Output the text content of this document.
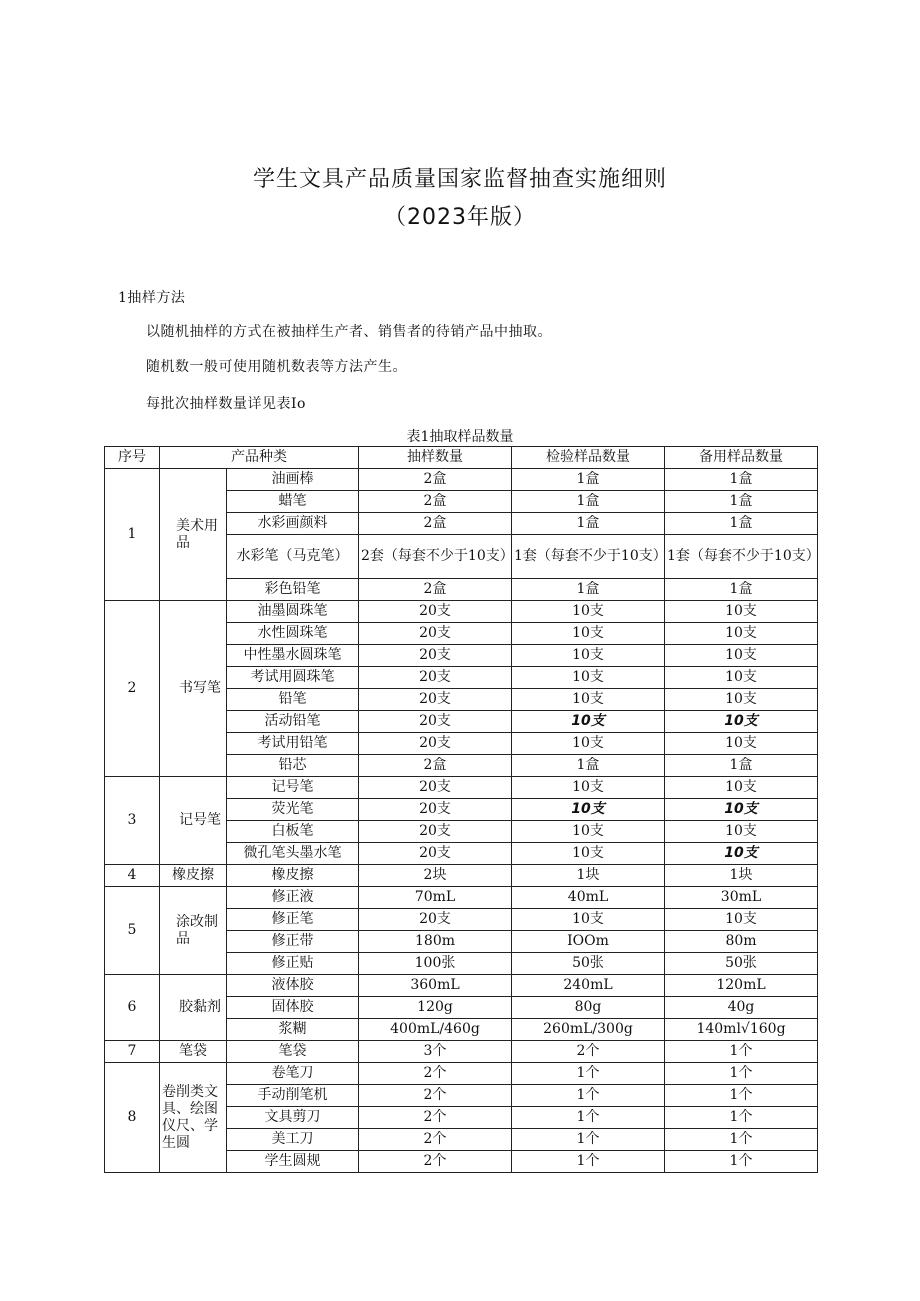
学生文具产品质量国家监督抽查实施细则
（2023年版）
1抽样方法
以随机抽样的方式在被抽样生产者、销售者的待销产品中抽取。
随机数一般可使用随机数表等方法产生。
每批次抽样数量详见表Io
表1抽取样品数量
序号	产品种类		抽样数量	检验样品数量	备用样品数量
1	美术用品	油画棒	2盒	1盒	1盒
		蜡笔	2盒	1盒	1盒
		水彩画颜料	2盒	1盒	1盒
		水彩笔（马克笔）	2套（每套不少于10支）	1套（每套不少于10支）	1套（每套不少于10支）
		彩色铅笔	2盒	1盒	1盒
2	书写笔	油墨圆珠笔	20支	10支	10支
		水性圆珠笔	20支	10支	10支
		中性墨水圆珠笔	20支	10支	10支
		考试用圆珠笔	20支	10支	10支
		铅笔	20支	10支	10支
		活动铅笔	20支	10支	10支
		考试用铅笔	20支	10支	10支
		铅芯	2盒	1盒	1盒
3	记号笔	记号笔	20支	10支	10支
		荧光笔	20支	10支	10支
		白板笔	20支	10支	10支
		微孔笔头墨水笔	20支	10支	10支
4	橡皮擦	橡皮擦	2块	1块	1块
5	涂改制品	修正液	70mL	40mL	30mL
		修正笔	20支	10支	10支
		修正带	180m	IOOm	80m
		修正贴	100张	50张	50张
6	胶黏剂	液体胶	360mL	240mL	120mL
		固体胶	120g	80g	40g
		浆糊	400mL∕460g	260mL∕300g	140ml√160g
7	笔袋	笔袋	3个	2个	1个
8	卷削类文具、绘图仪尺、学生圆	卷笔刀	2个	1个	1个
		手动削笔机	2个	1个	1个
		文具剪刀	2个	1个	1个
		美工刀	2个	1个	1个
		学生圆规	2个	1个	1个
